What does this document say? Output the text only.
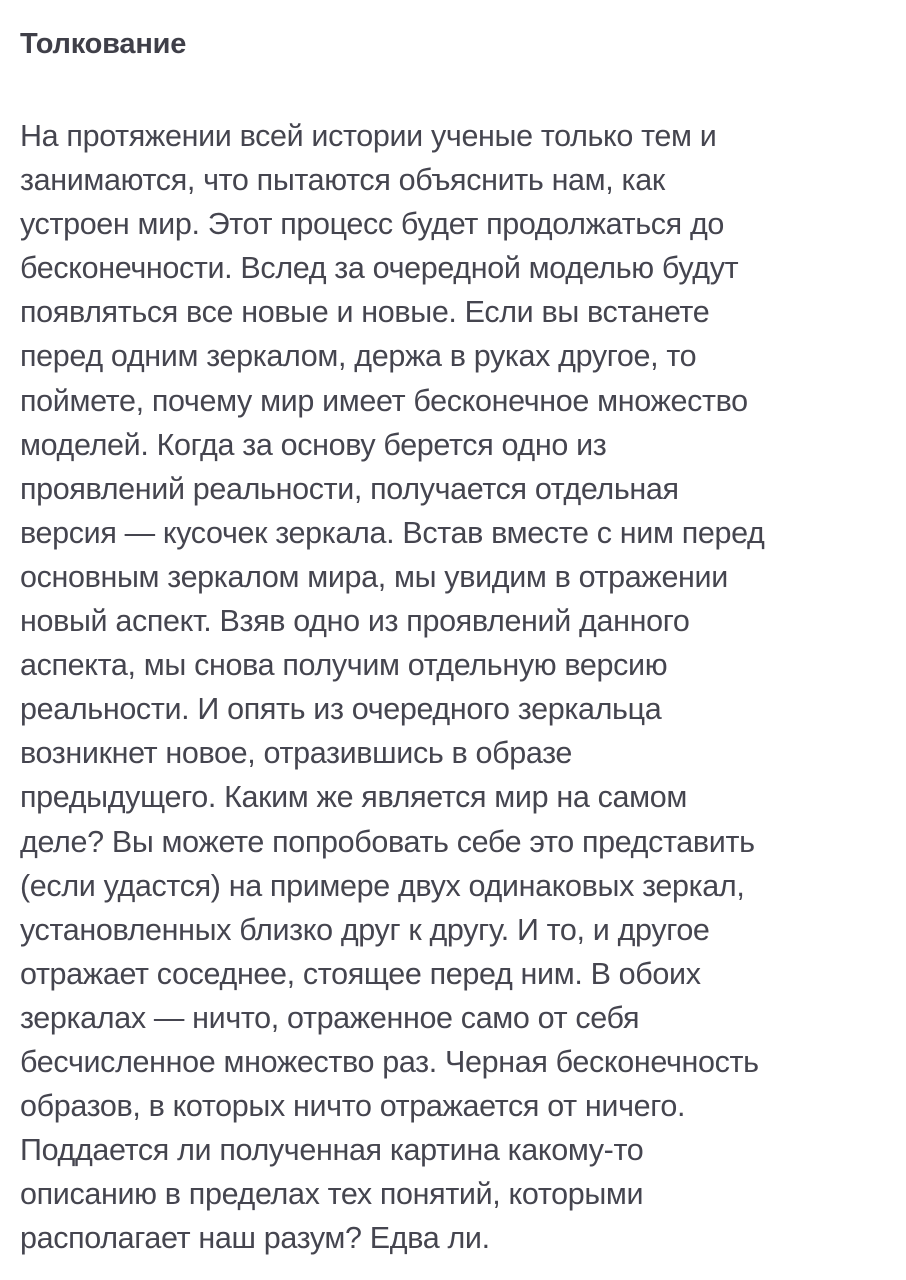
Толкование
На протяжении всей истории ученые только тем и
занимаются, что пытаются объяснить нам, как
устроен мир. Этот процесс будет продолжаться до
бесконечности. Вслед за очередной моделью будут
появляться все новые и новые. Если вы встанете
перед одним зеркалом, держа в руках другое, то
поймете, почему мир имеет бесконечное множество
моделей. Когда за основу берется одно из
проявлений реальности, получается отдельная
версия — кусочек зеркала. Встав вместе с ним перед
основным зеркалом мира, мы увидим в отражении
новый аспект. Взяв одно из проявлений данного
аспекта, мы снова получим отдельную версию
реальности. И опять из очередного зеркальца
возникнет новое, отразившись в образе
предыдущего. Каким же является мир на самом
деле? Вы можете попробовать себе это представить
(если удастся) на примере двух одинаковых зеркал,
установленных близко друг к другу. И то, и другое
отражает соседнее, стоящее перед ним. В обоих
зеркалах — ничто, отраженное само от себя
бесчисленное множество раз. Черная бесконечность
образов, в которых ничто отражается от ничего.
Поддается ли полученная картина какому-то
описанию в пределах тех понятий, которыми
располагает наш разум? Едва ли.
